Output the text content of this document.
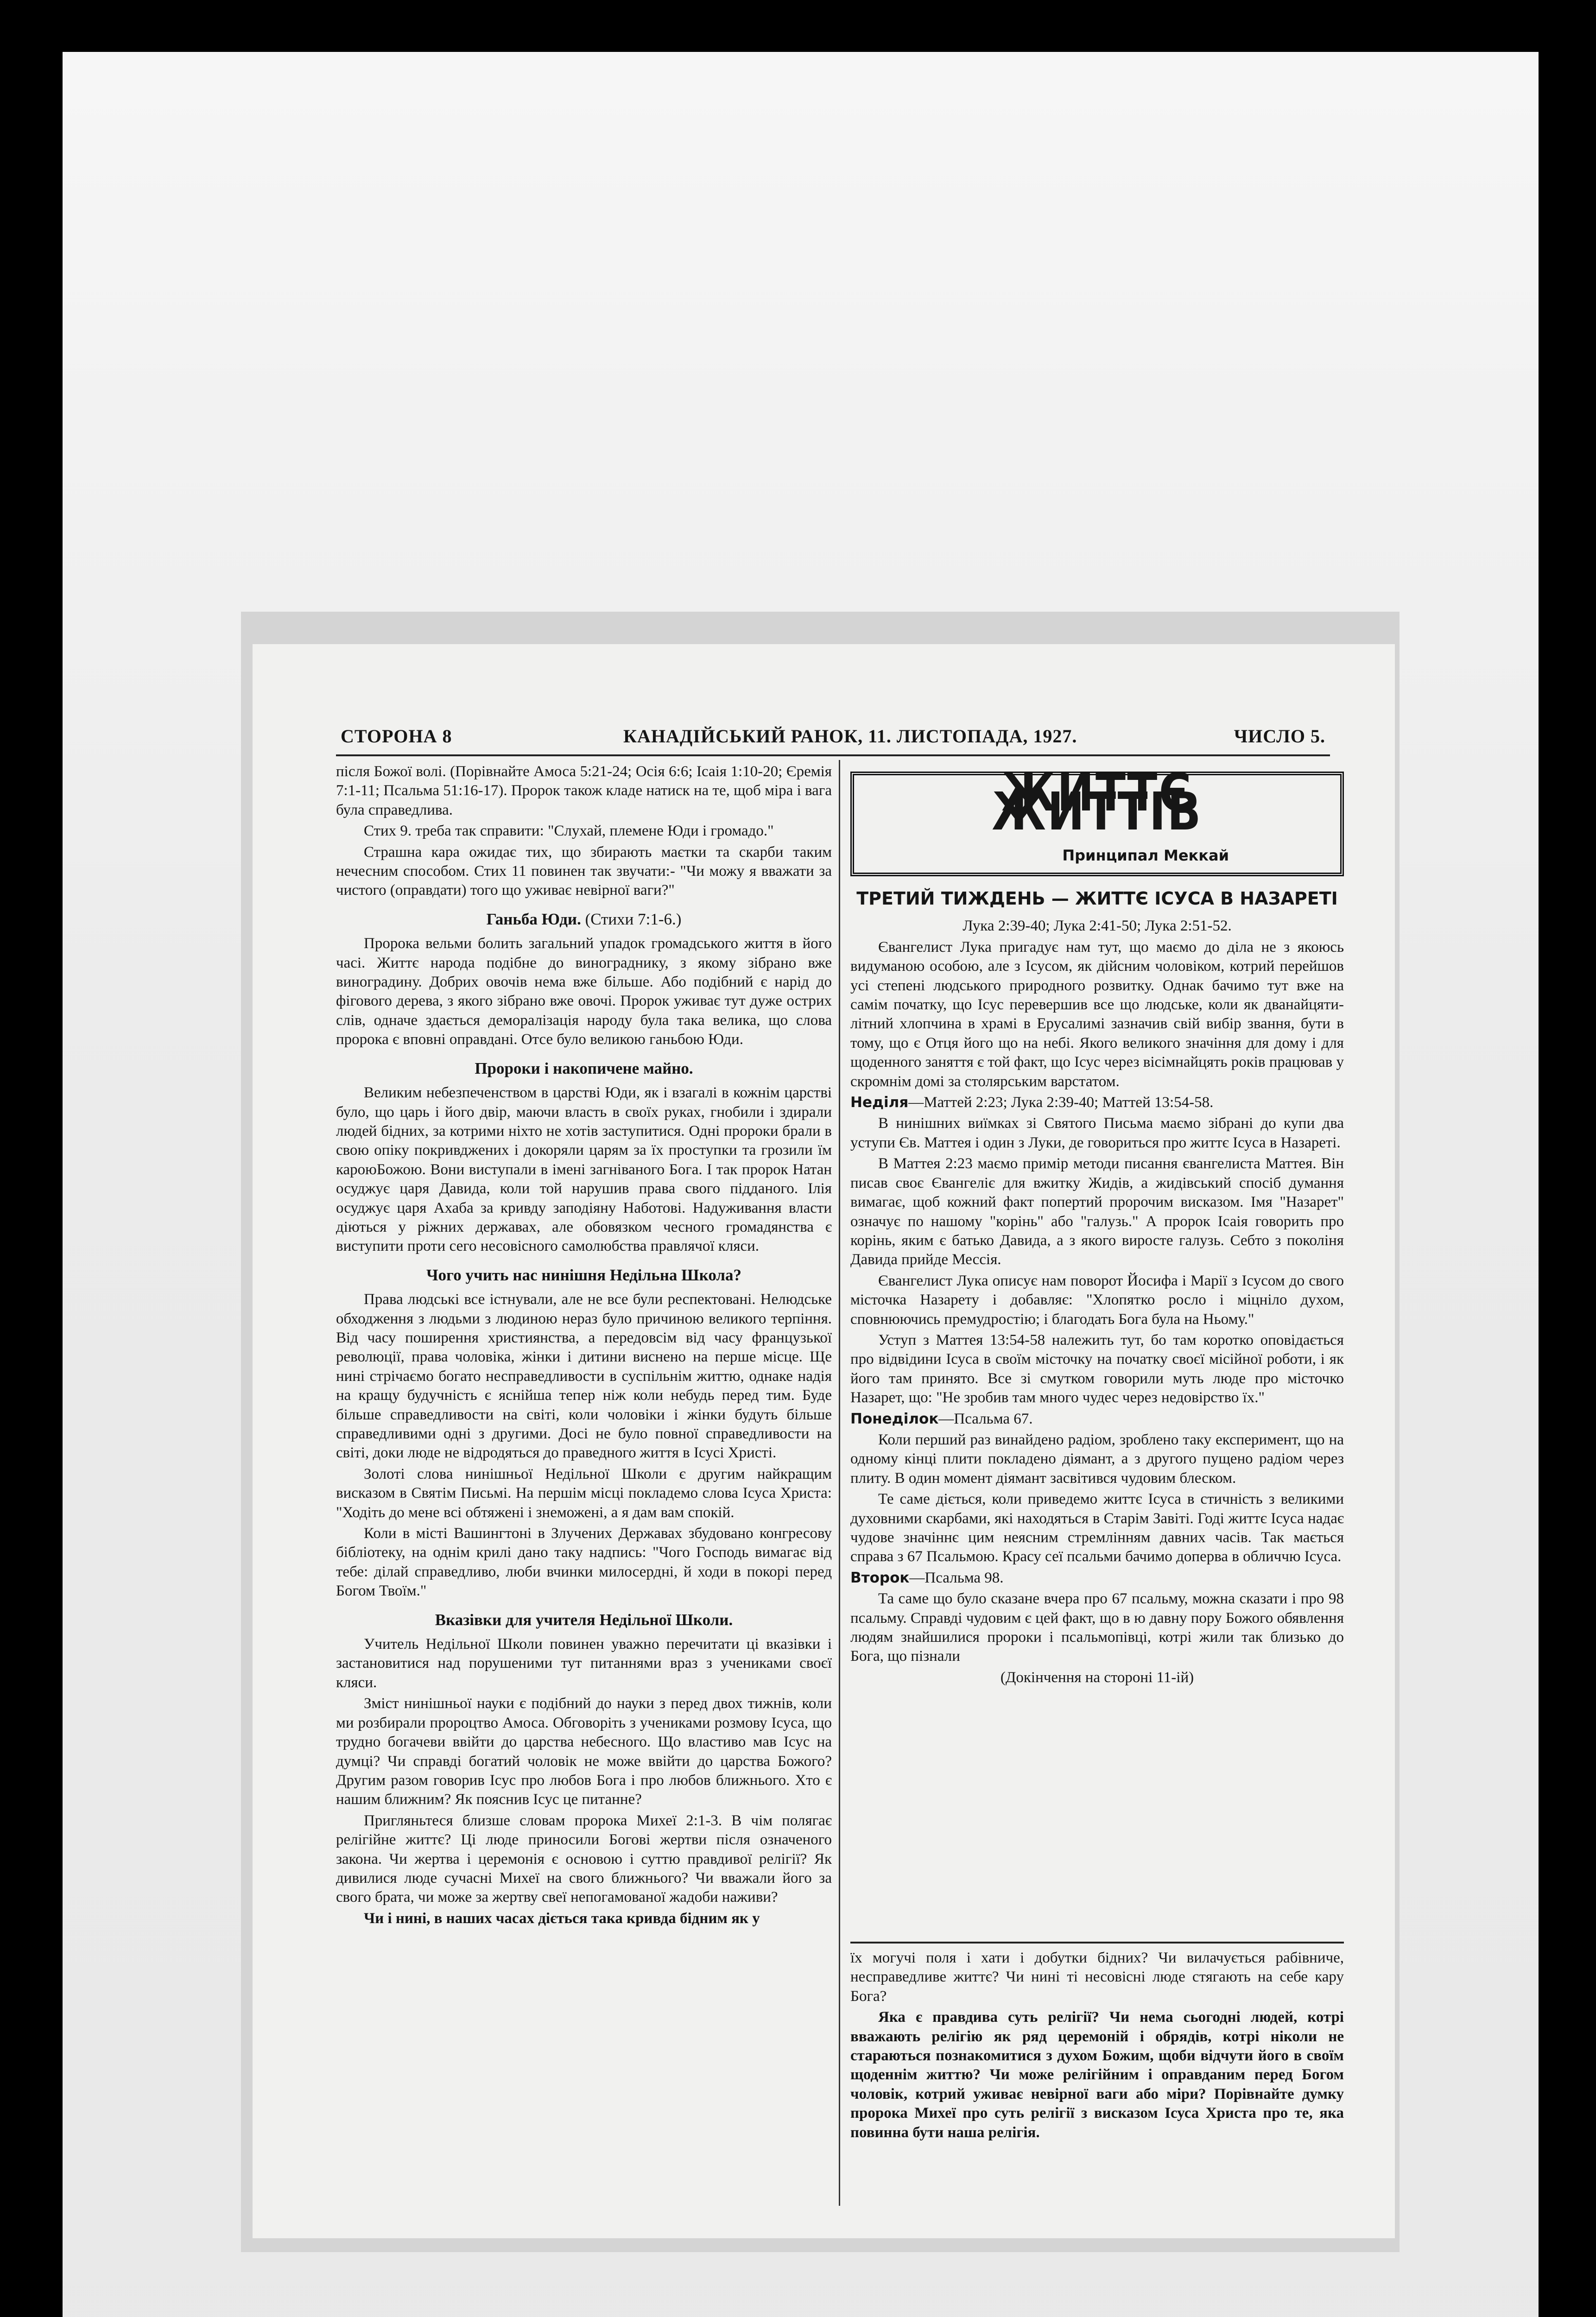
СТОРОНА 8	КАНАДІЙСЬКИЙ РАНОК, 11. ЛИСТОПАДА, 1927.	ЧИСЛО 5.

після Божої волі. (Порівнайте Амоса 5:21-24; Осія 6:6; Ісаія 1:10-20; Єремія 7:1-11; Псальма 51:16-17). Пророк також кладе натиск на те, щоб міра і вага була справедлива.

Стих 9. треба так справити: "Слухай, племене Юди і громадо."

Страшна кара ожидає тих, що збирають маєтки та скарби таким нечесним способом. Стих 11 повинен так звучати:- "Чи можу я вважати за чистого (оправдати) того що уживає невірної ваги?"

Ганьба Юди. (Стихи 7:1-6.)

Пророка вельми болить загальний упадок громадського життя в його часі. Життє народа подібне до винограднику, з якому зібрано вже виноградину. Добрих овочів нема вже більше. Або подібний є нарід до фігового дерева, з якого зібрано вже овочі. Пророк уживає тут дуже острих слів, одначе здається деморалізація народу була така велика, що слова пророка є вповні оправдані. Отсе було великою ганьбою Юди.

Пророки і накопичене майно.

Великим небезпеченством в царстві Юди, як і взагалі в кожнім царстві було, що царь і його двір, маючи власть в своїх руках, гнобили і здирали людей бідних, за котрими ніхто не хотів заступитися. Одні пророки брали в свою опіку покривджених і докоряли царям за їх проступки та грозили їм кароюБожою. Вони виступали в імені загніваного Бога. І так пророк Натан осуджує царя Давида, коли той нарушив права свого підданого. Ілія осуджує царя Ахаба за кривду заподіяну Наботові. Надуживання власти діються у ріжних державах, але обовязком чесного громадянства є виступити проти сего несовісного самолюбства правлячої кляси.

Чого учить нас нинішня Недільна Школа?

Права людські все істнували, але не все були респектовані. Нелюдське обходження з людьми з людиною нераз було причиною великого терпіння. Від часу поширення християнства, а передовсім від часу французької революції, права чоловіка, жінки і дитини виснено на перше місце. Ще нині стрічаємо богато несправедливости в суспільнім життю, однаке надія на кращу будучність є яснійша тепер ніж коли небудь перед тим. Буде більше справедливости на світі, коли чоловіки і жінки будуть більше справедливими одні з другими. Досі не було повної справедливости на світі, доки люде не відродяться до праведного життя в Ісусі Христі.

Золоті слова нинішньої Недільної Школи є другим найкращим висказом в Святім Письмі. На першім місці покладемо слова Ісуса Христа: "Ходіть до мене всі обтяжені і знеможені, а я дам вам спокій.

Коли в місті Вашингтоні в Злучених Державах збудовано конгресову бібліотеку, на однім крилі дано таку надпись: "Чого Господь вимагає від тебе: ділай справедливо, люби вчинки милосердні, й ходи в покорі перед Богом Твоїм."

Вказівки для учителя Недільної Школи.

Учитель Недільної Школи повинен уважно перечитати ці вказівки і застановитися над порушеними тут питаннями враз з учениками своєї кляси.

Зміст нинішньої науки є подібний до науки з перед двох тижнів, коли ми розбирали пророцтво Амоса. Обговоріть з учениками розмову Ісуса, що трудно богачеви ввійти до царства небесного. Що властиво мав Ісус на думці? Чи справді богатий чоловік не може ввійти до царства Божого? Другим разом говорив Ісус про любов Бога і про любов ближнього. Хто є нашим ближним? Як пояснив Ісус це питанне?

Пригляньтеся близше словам пророка Михеї 2:1-3. В чім полягає релігійне життє? Ці люде приносили Богові жертви після означеного закона. Чи жертва і церемонія є основою і суттю правдивої релігії? Як дивилися люде сучасні Михеї на свого ближнього? Чи вважали його за свого брата, чи може за жертву свеї непогамованої жадоби наживи?

Чи і нині, в наших часах діється така кривда бідним як у

ЖИТТЄ ЖИТТІВ
Принципал Меккай
ТРЕТИЙ ТИЖДЕНЬ — ЖИТТЄ ІСУСА В НАЗАРЕТІ

Лука 2:39-40; Лука 2:41-50; Лука 2:51-52.

Євангелист Лука пригадує нам тут, що маємо до діла не з якоюсь видуманою особою, але з Ісусом, як дійсним чоловіком, котрий перейшов усі степені людського природного розвитку. Однак бачимо тут вже на самім початку, що Ісус перевершив все що людське, коли як дванайцяти-літний хлопчина в храмі в Ерусалимі зазначив свій вибір звання, бути в тому, що є Отця його що на небі. Якого великого значіння для дому і для щоденного заняття є той факт, що Ісус через вісімнайцять років працював у скромнім домі за столярським варстатом.

Неділя—Маттей 2:23; Лука 2:39-40; Маттей 13:54-58.

В нинішних виїмках зі Святого Письма маємо зібрані до купи два уступи Єв. Маттея і один з Луки, де говориться про життє Ісуса в Назареті.

В Маттея 2:23 маємо примір методи писання євангелиста Маттея. Він писав своє Євангеліє для вжитку Жидів, а жидівський спосіб думання вимагає, щоб кожний факт попертий пророчим висказом. Імя "Назарет" означує по нашому "корінь" або "галузь." А пророк Ісаія говорить про корінь, яким є батько Давида, а з якого виросте галузь. Себто з поколіня Давида прийде Мессія.

Євангелист Лука описує нам поворот Йосифа і Марії з Ісусом до свого місточка Назарету і добавляє: "Хлопятко росло і міцніло духом, сповнюючись премудростію; і благодать Бога була на Ньому."

Уступ з Маттея 13:54-58 належить тут, бо там коротко оповідається про відвідини Ісуса в своїм місточку на початку своєї місійної роботи, і як його там принято. Все зі смутком говорили муть люде про місточко Назарет, що: "Не зробив там много чудес через недовірство їх."

Понеділок—Псальма 67.

Коли перший раз винайдено радіом, зроблено таку експеримент, що на одному кінці плити покладено діямант, а з другого пущено радіом через плиту. В один момент діямант засвітився чудовим блеском.

Те саме діється, коли приведемо життє Ісуса в стичність з великими духовними скарбами, які находяться в Старім Завіті. Годі життє Ісуса надає чудове значіннє цим неясним стремлінням давних часів. Так мається справа з 67 Псальмою. Красу сеї псальми бачимо доперва в обличчю Ісуса.

Второк—Псальма 98.

Та саме що було сказане вчера про 67 псальму, можна сказати і про 98 псальму. Справді чудовим є цей факт, що в ю давну пору Божого обявлення людям знайшилися пророки і псальмопівці, котрі жили так близько до Бога, що пізнали

(Докінчення на стороні 11-ій)

їх могучі поля і хати і добутки бідних? Чи вилачується рабівниче, несправедливе життє? Чи нині ті несовісні люде стягають на себе кару Бога?

Яка є правдива суть релігії? Чи нема сьогодні людей, котрі вважають релігію як ряд церемоній і обрядів, котрі ніколи не стараються познакомитися з духом Божим, щоби відчути його в своїм щоденнім життю? Чи може релігійним і оправданим перед Богом чоловік, котрий уживає невірної ваги або міри? Порівнайте думку пророка Михеї про суть релігії з висказом Ісуса Христа про те, яка повинна бути наша релігія.
